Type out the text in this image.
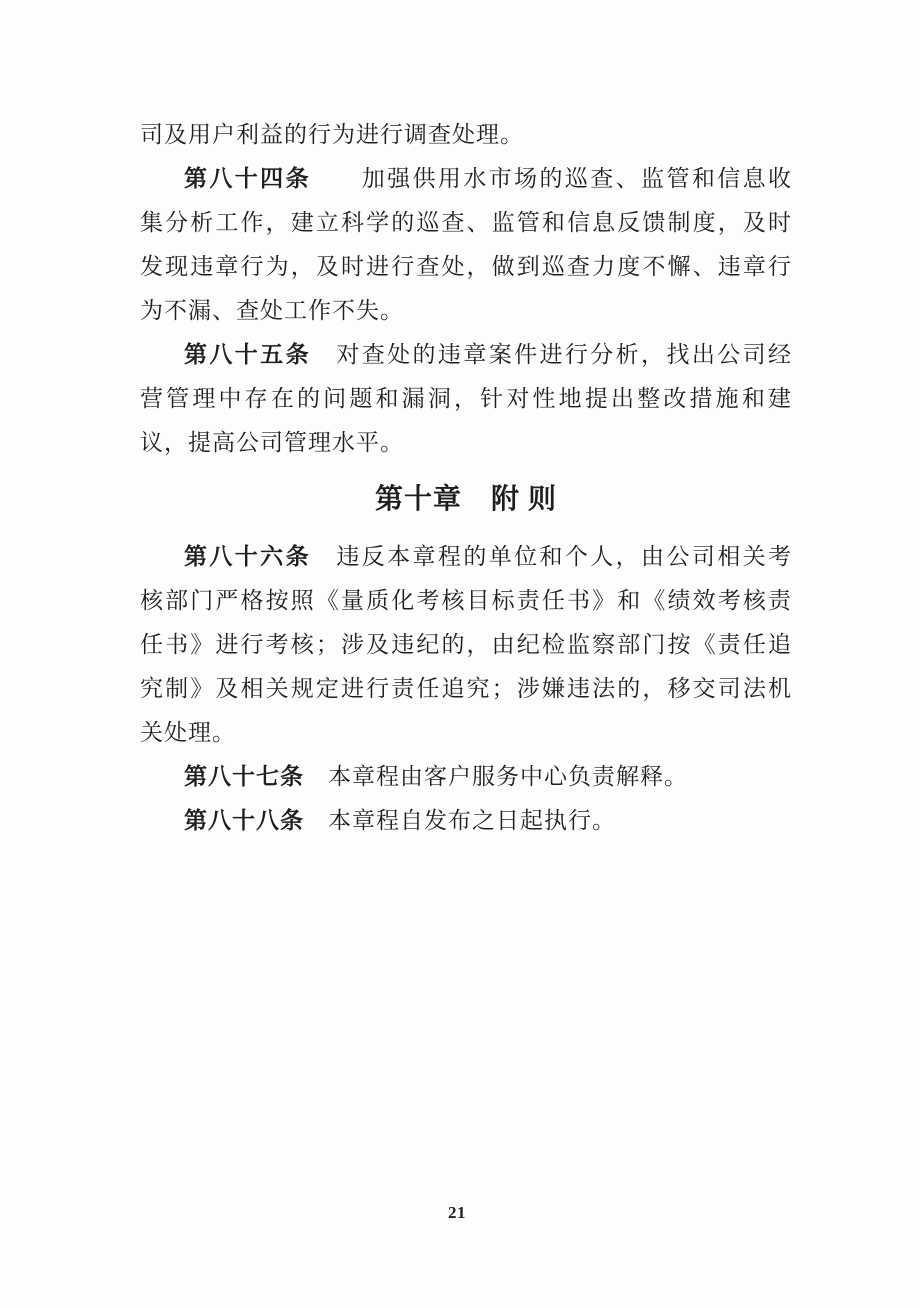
司及用户利益的行为进行调查处理。
第八十四条　　加强供用水市场的巡查、监管和信息收
集分析工作，建立科学的巡查、监管和信息反馈制度，及时
发现违章行为，及时进行查处，做到巡查力度不懈、违章行
为不漏、查处工作不失。
第八十五条　对查处的违章案件进行分析，找出公司经
营管理中存在的问题和漏洞，针对性地提出整改措施和建
议，提高公司管理水平。
第十章　附 则
第八十六条　违反本章程的单位和个人，由公司相关考
核部门严格按照《量质化考核目标责任书》和《绩效考核责
任书》进行考核；涉及违纪的，由纪检监察部门按《责任追
究制》及相关规定进行责任追究；涉嫌违法的，移交司法机
关处理。
第八十七条　本章程由客户服务中心负责解释。
第八十八条　本章程自发布之日起执行。
21
